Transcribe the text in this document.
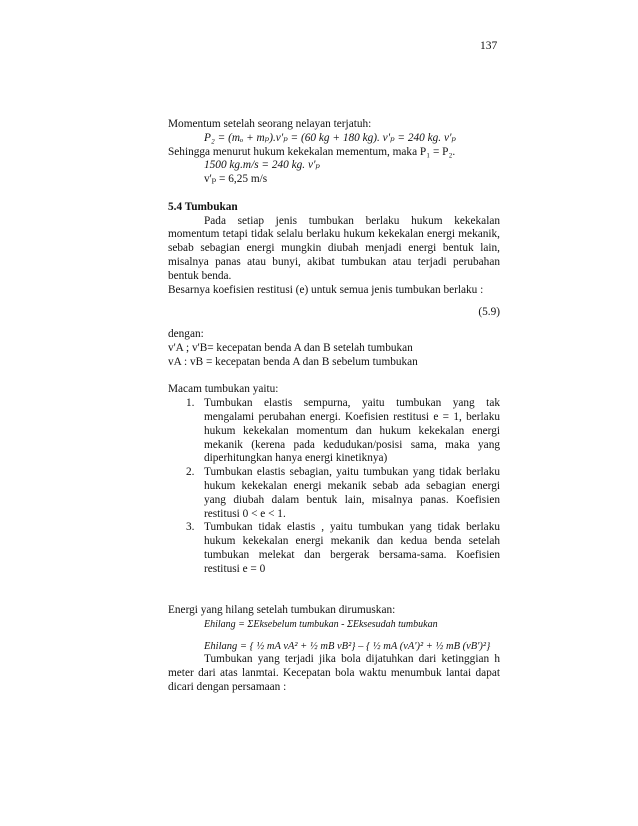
137
Momentum setelah seorang nelayan terjatuh:
P₂ = (mₒ + mₚ).v'ₚ = (60 kg + 180 kg). v'ₚ = 240 kg. v'ₚ
Sehingga menurut hukum kekekalan mementum, maka P₁ = P₂.
1500 kg.m/s = 240 kg. v'ₚ
v'ₚ = 6,25 m/s
5.4 Tumbukan

Pada setiap jenis tumbukan berlaku hukum kekekalan momentum tetapi tidak selalu berlaku hukum kekekalan energi mekanik, sebab sebagian energi mungkin diubah menjadi energi bentuk lain, misalnya panas atau bunyi, akibat tumbukan atau terjadi perubahan bentuk benda.

Besarnya koefisien restitusi (e) untuk semua jenis tumbukan berlaku :
(5.9)
dengan:
v'A ; v'B= kecepatan benda A dan B setelah tumbukan
vA : vB = kecepatan benda A dan B sebelum tumbukan
Macam tumbukan yaitu:
1. Tumbukan elastis sempurna, yaitu tumbukan yang tak mengalami perubahan energi. Koefisien restitusi e = 1, berlaku hukum kekekalan momentum dan hukum kekekalan energi mekanik (kerena pada kedudukan/posisi sama, maka yang diperhitungkan hanya energi kinetiknya)
2. Tumbukan elastis sebagian, yaitu tumbukan yang tidak berlaku hukum kekekalan energi mekanik sebab ada sebagian energi yang diubah dalam bentuk lain, misalnya panas. Koefisien restitusi 0 < e < 1.
3. Tumbukan tidak elastis , yaitu tumbukan yang tidak berlaku hukum kekekalan energi mekanik dan kedua benda setelah tumbukan melekat dan bergerak bersama-sama. Koefisien restitusi e = 0
Energi yang hilang setelah tumbukan dirumuskan:
Ehilang = ΣEksebelum tumbukan - ΣEksesudah tumbukan
Ehilang = { ½ mA vA² + ½ mB vB²} – { ½ mA (vA')² + ½ mB (vB')²}

Tumbukan yang terjadi jika bola dijatuhkan dari ketinggian h meter dari atas lanmtai. Kecepatan bola waktu menumbuk lantai dapat dicari dengan persamaan :
